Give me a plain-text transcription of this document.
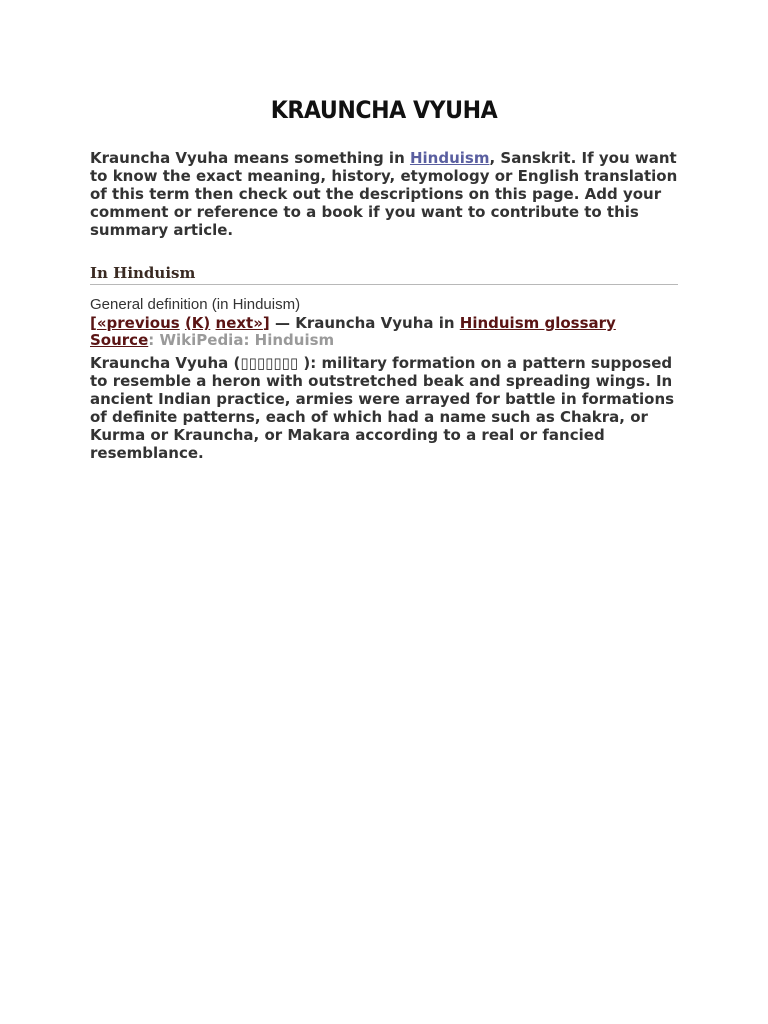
KRAUNCHA VYUHA

Kraunchа Vyuha means something in Hinduism, Sanskrit. If you want to know the exact meaning, history, etymology or English translation of this term then check out the descriptions on this page. Add your comment or reference to a book if you want to contribute to this summary article.

In Hinduism
General definition (in Hinduism)
[«previous (K) next»] — Kraunchа Vyuha in Hinduism glossary
Source: WikiPedia: Hinduism

Kraunchа Vyuha (▯▯▯▯▯▯▯ ): military formation on a pattern supposed to resemble a heron with outstretched beak and spreading wings. In ancient Indian practice, armies were arrayed for battle in formations of definite patterns, each of which had a name such as Chakra, or Kurma or Kraunchа, or Makara according to a real or fancied resemblance.
